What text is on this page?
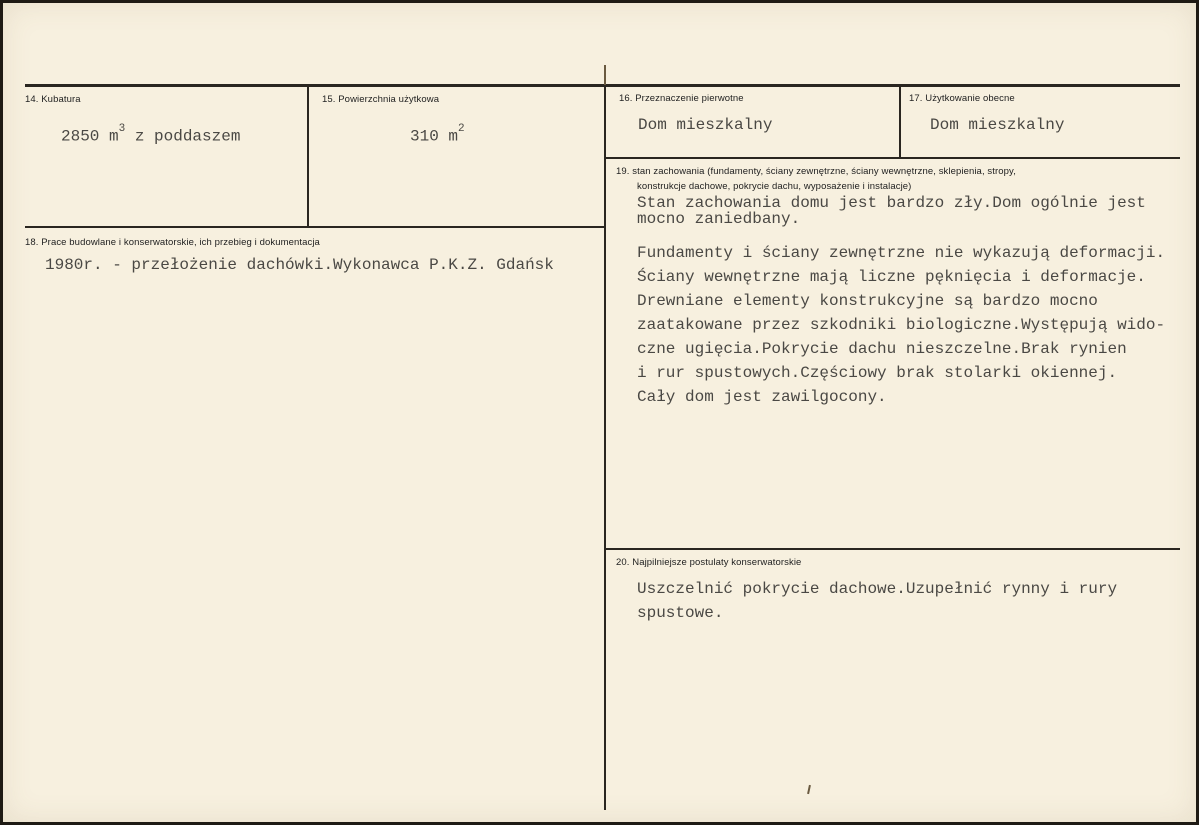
14. Kubatura
2850 $m^3$ z poddaszem
15. Powierzchnia użytkowa
310 $m^2$
16. Przeznaczenie pierwotne
Dom mieszkalny
17. Użytkowanie obecne
Dom mieszkalny
18. Prace budowlane i konserwatorskie, ich przebieg i dokumentacja
1980r. - przełożenie dachówki.Wykonawca P.K.Z. Gdańsk
19. stan zachowania (fundamenty, ściany zewnętrzne, ściany wewnętrzne, sklepienia, stropy,
konstrukcje dachowe, pokrycie dachu, wyposażenie i instalacje)
Stan zachowania domu jest bardzo zły.Dom ogólnie jest
mocno zaniedbany.
Fundamenty i ściany zewnętrzne nie wykazują deformacji.
Ściany wewnętrzne mają liczne pęknięcia i deformacje.
Drewniane elementy konstrukcyjne są bardzo mocno
zaatakowane przez szkodniki biologiczne.Występują wido-
czne ugięcia.Pokrycie dachu nieszczelne.Brak rynien
i rur spustowych.Częściowy brak stolarki okiennej.
Cały dom jest zawilgocony.
20. Najpilniejsze postulaty konserwatorskie
Uszczelnić pokrycie dachowe.Uzupełnić rynny i rury
spustowe.
